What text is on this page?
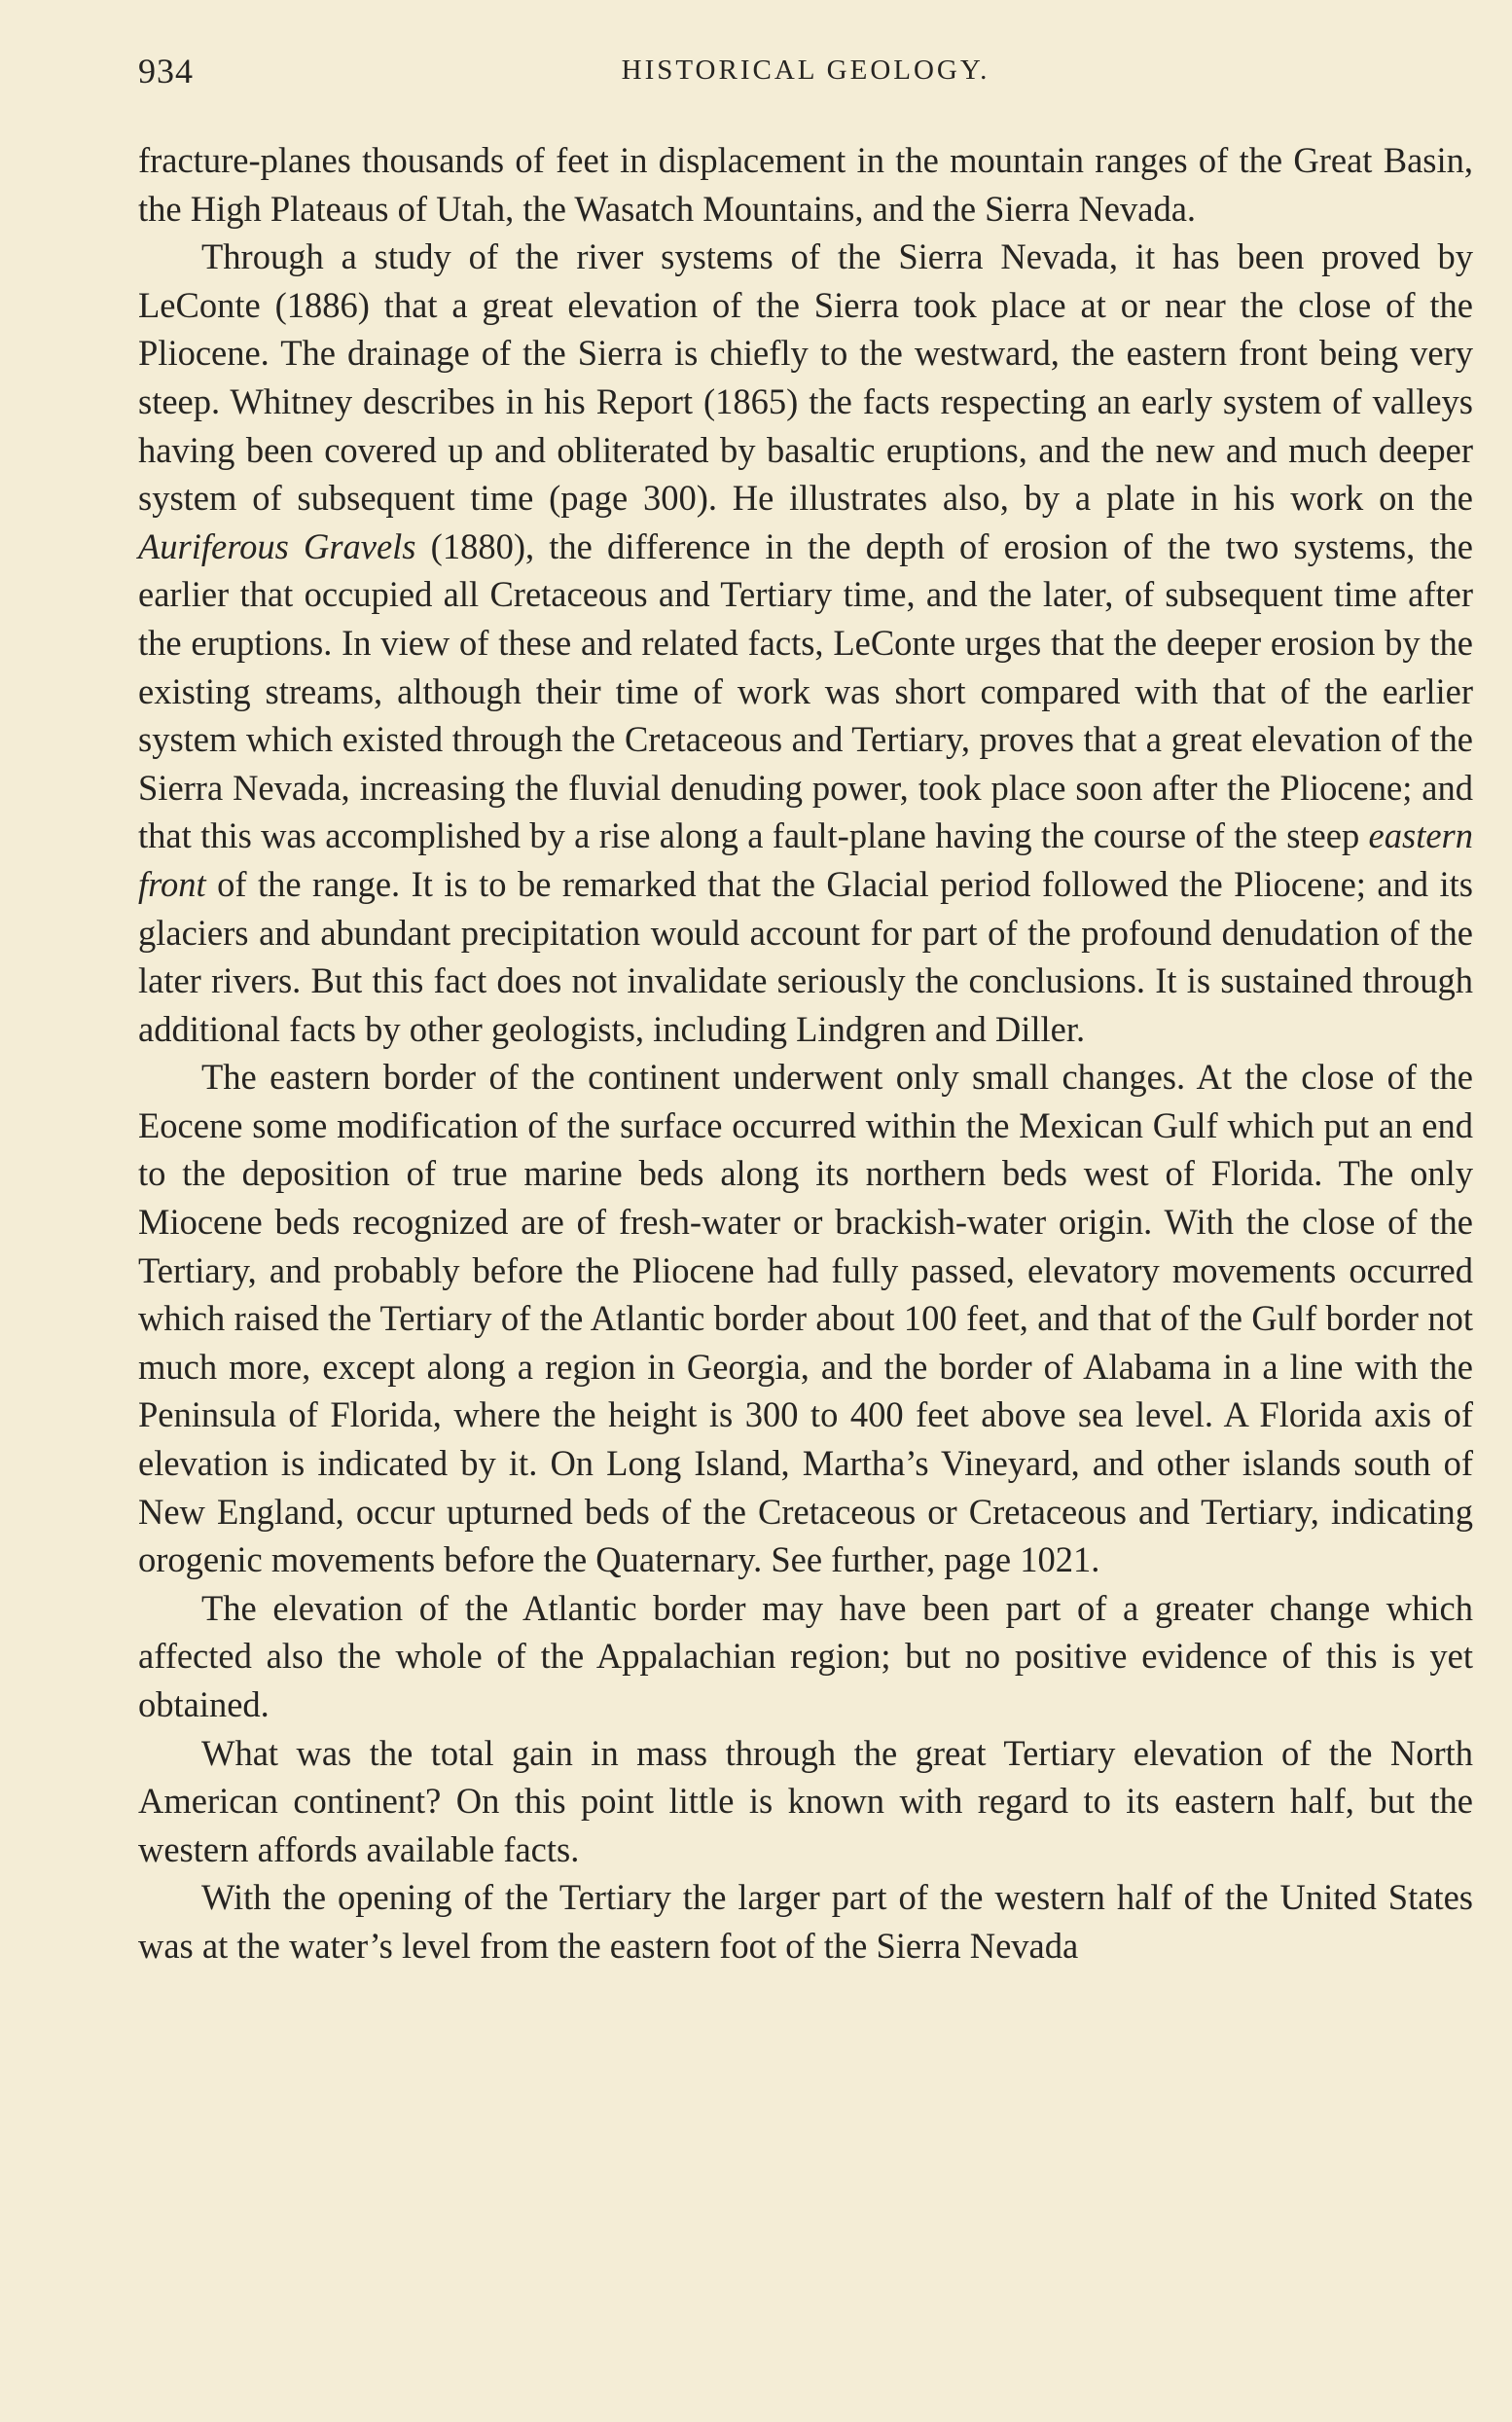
934	HISTORICAL GEOLOGY.

fracture-planes thousands of feet in displacement in the mountain ranges of the Great Basin, the High Plateaus of Utah, the Wasatch Mountains, and the Sierra Nevada.

Through a study of the river systems of the Sierra Nevada, it has been proved by LeConte (1886) that a great elevation of the Sierra took place at or near the close of the Pliocene. The drainage of the Sierra is chiefly to the westward, the eastern front being very steep. Whitney describes in his Report (1865) the facts respecting an early system of valleys having been covered up and obliterated by basaltic eruptions, and the new and much deeper system of subsequent time (page 300). He illustrates also, by a plate in his work on the Auriferous Gravels (1880), the difference in the depth of erosion of the two systems, the earlier that occupied all Cretaceous and Tertiary time, and the later, of subsequent time after the eruptions. In view of these and related facts, LeConte urges that the deeper erosion by the existing streams, although their time of work was short compared with that of the earlier system which existed through the Cretaceous and Tertiary, proves that a great elevation of the Sierra Nevada, increasing the fluvial denuding power, took place soon after the Pliocene; and that this was accomplished by a rise along a fault-plane having the course of the steep eastern front of the range. It is to be remarked that the Glacial period followed the Pliocene; and its glaciers and abundant precipitation would account for part of the profound denudation of the later rivers. But this fact does not invalidate seriously the conclusions. It is sustained through additional facts by other geologists, including Lindgren and Diller.

The eastern border of the continent underwent only small changes. At the close of the Eocene some modification of the surface occurred within the Mexican Gulf which put an end to the deposition of true marine beds along its northern beds west of Florida. The only Miocene beds recognized are of fresh-water or brackish-water origin. With the close of the Tertiary, and probably before the Pliocene had fully passed, elevatory movements occurred which raised the Tertiary of the Atlantic border about 100 feet, and that of the Gulf border not much more, except along a region in Georgia, and the border of Alabama in a line with the Peninsula of Florida, where the height is 300 to 400 feet above sea level. A Florida axis of elevation is indicated by it. On Long Island, Martha’s Vineyard, and other islands south of New England, occur upturned beds of the Cretaceous or Cretaceous and Tertiary, indicating orogenic movements before the Quaternary. See further, page 1021.

The elevation of the Atlantic border may have been part of a greater change which affected also the whole of the Appalachian region; but no positive evidence of this is yet obtained.

What was the total gain in mass through the great Tertiary elevation of the North American continent? On this point little is known with regard to its eastern half, but the western affords available facts.

With the opening of the Tertiary the larger part of the western half of the United States was at the water’s level from the eastern foot of the Sierra Nevada
